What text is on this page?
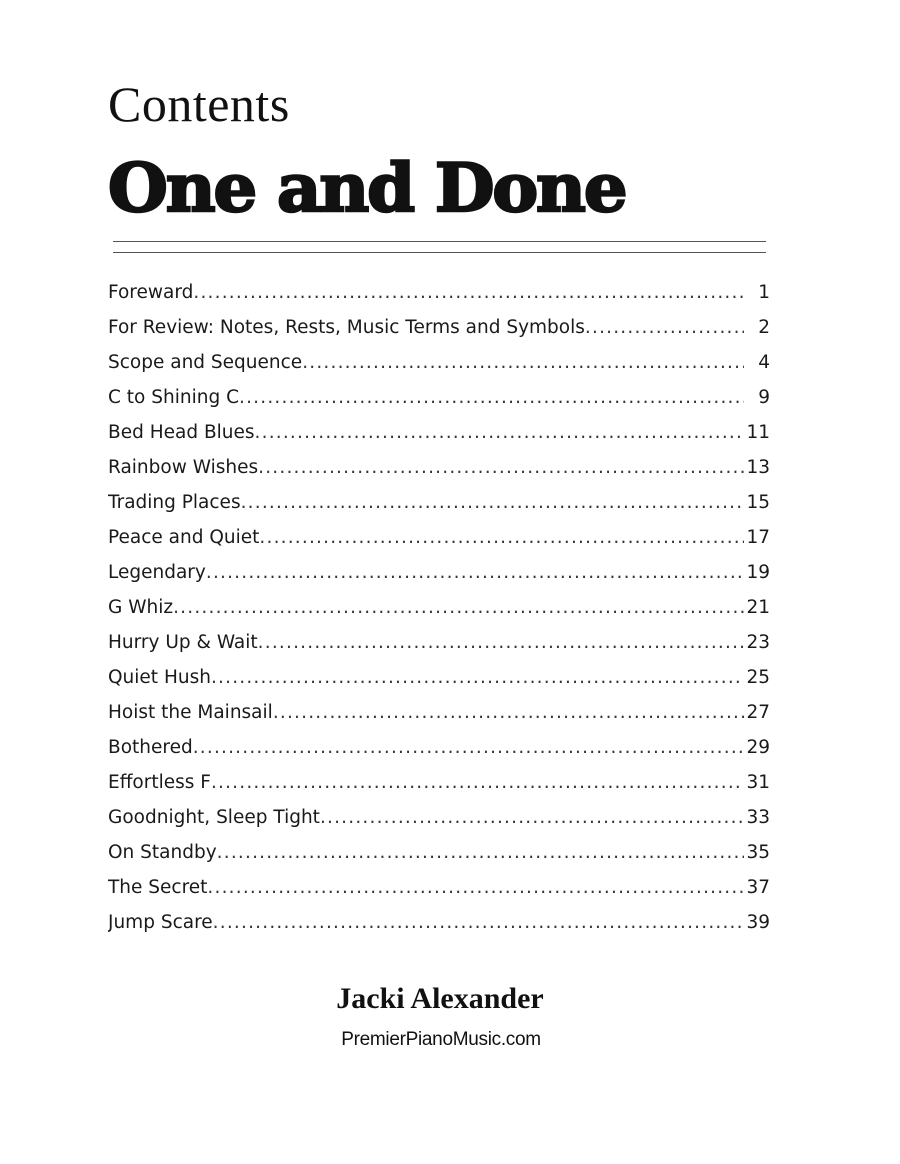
Contents
One and Done
Foreward .....	1
For Review: Notes, Rests, Music Terms and Symbols .....	2
Scope and Sequence .....	4
C to Shining C .....	9
Bed Head Blues .....	11
Rainbow Wishes .....	13
Trading Places .....	15
Peace and Quiet .....	17
Legendary .....	19
G Whiz .....	21
Hurry Up & Wait .....	23
Quiet Hush .....	25
Hoist the Mainsail .....	27
Bothered .....	29
Effortless F .....	31
Goodnight, Sleep Tight .....	33
On Standby .....	35
The Secret .....	37
Jump Scare .....	39
Jacki Alexander
PremierPianoMusic.com
